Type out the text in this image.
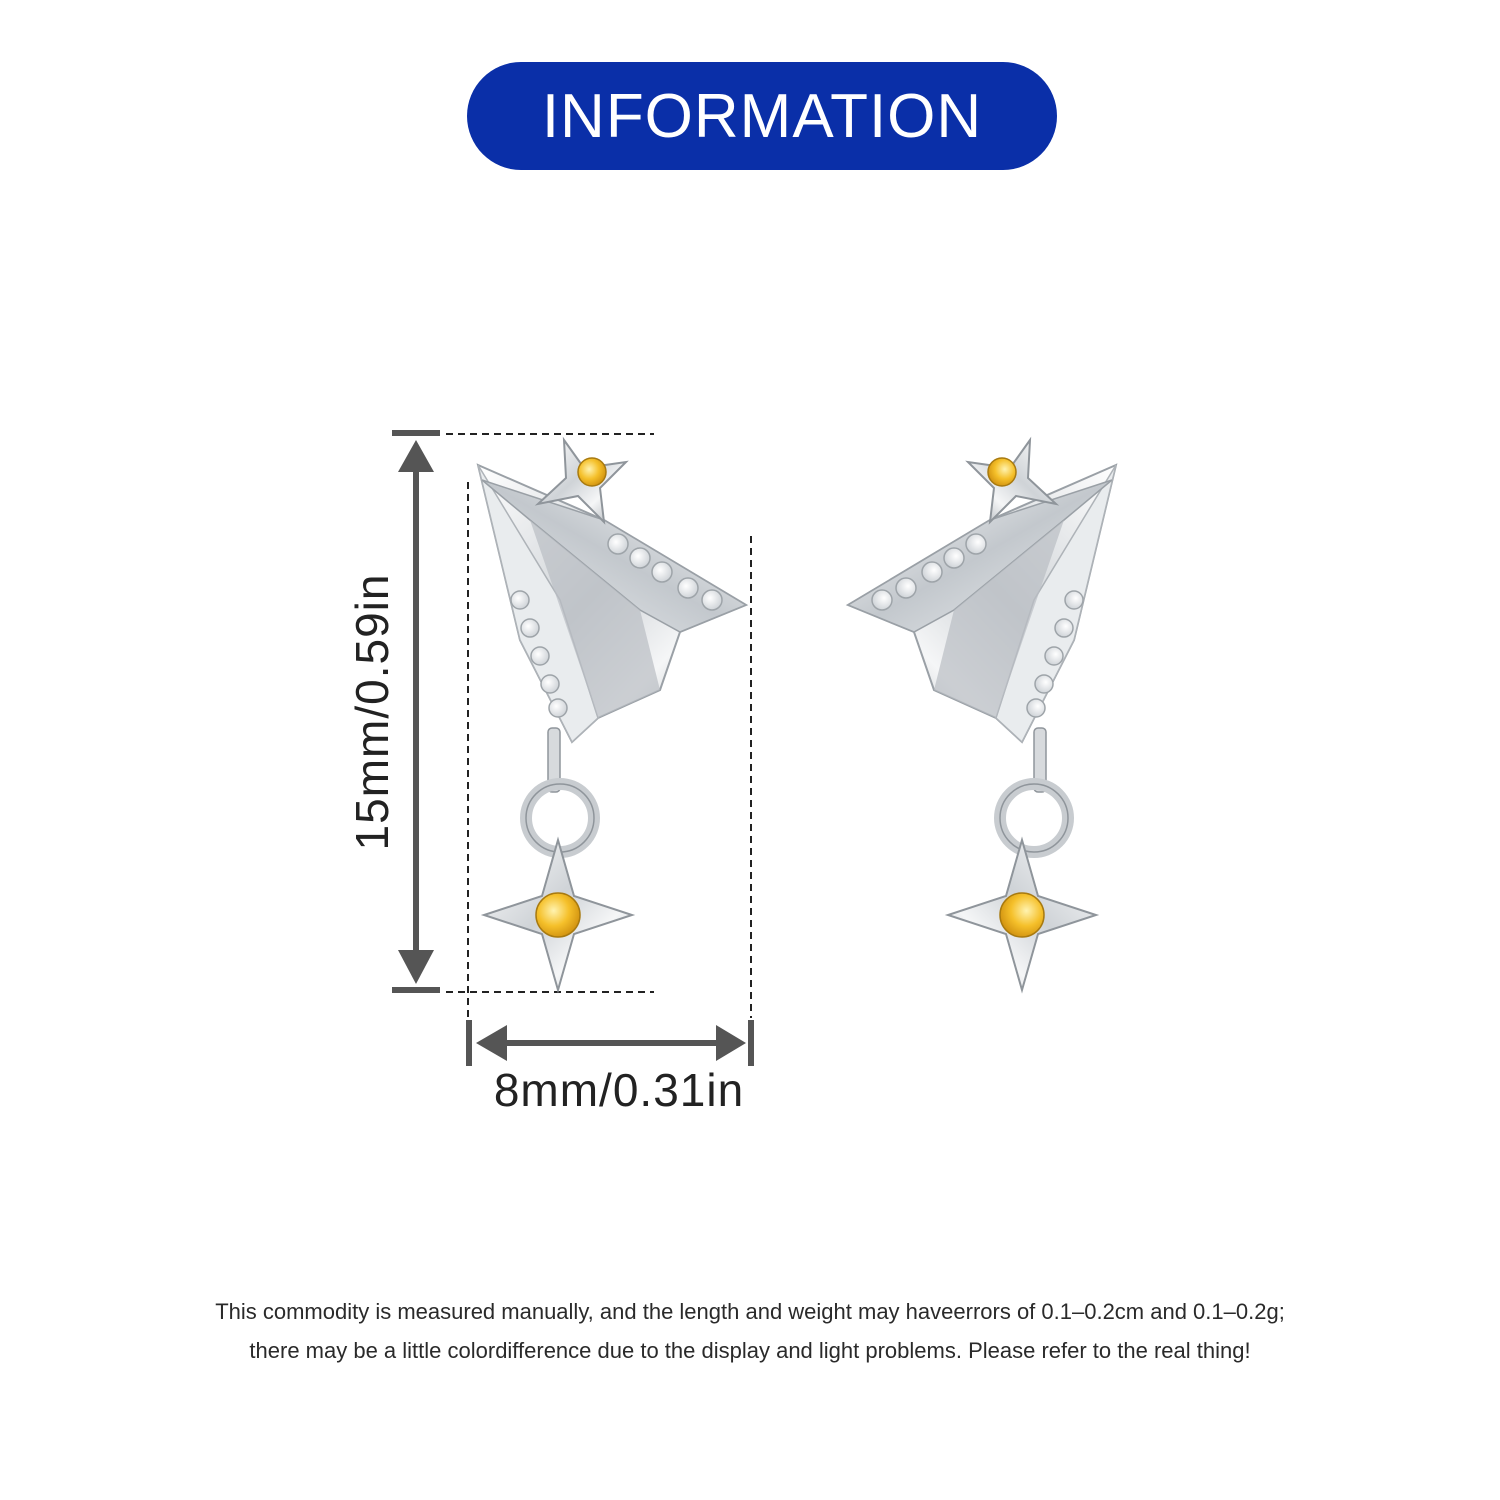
INFORMATION
15mm/0.59in
8mm/0.31in
This commodity is measured manually, and the length and weight may haveerrors of 0.1–0.2cm and 0.1–0.2g;
there may be a little colordifference due to the display and light problems. Please refer to the real thing!
